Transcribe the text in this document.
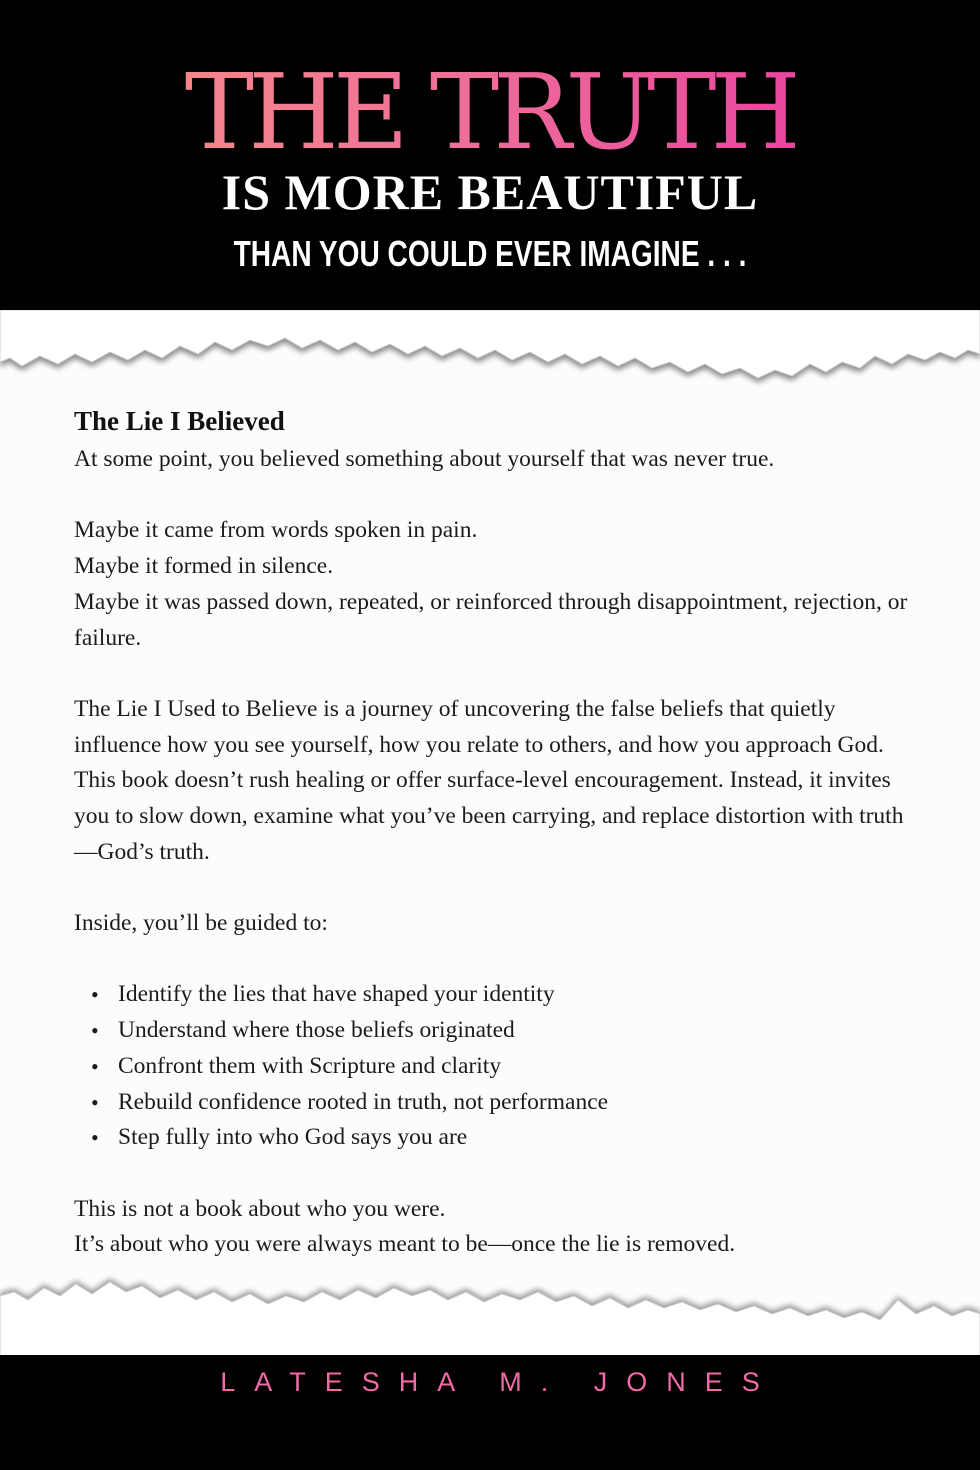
THE TRUTH
IS MORE BEAUTIFUL
THAN YOU COULD EVER IMAGINE . . .

The Lie I Believed

At some point, you believed something about yourself that was never true.

Maybe it came from words spoken in pain.
Maybe it formed in silence.
Maybe it was passed down, repeated, or reinforced through disappointment, rejection, or failure.

The Lie I Used to Believe is a journey of uncovering the false beliefs that quietly influence how you see yourself, how you relate to others, and how you approach God. This book doesn’t rush healing or offer surface-level encouragement. Instead, it invites you to slow down, examine what you’ve been carrying, and replace distortion with truth—God’s truth.

Inside, you’ll be guided to:

• Identify the lies that have shaped your identity
• Understand where those beliefs originated
• Confront them with Scripture and clarity
• Rebuild confidence rooted in truth, not performance
• Step fully into who God says you are

This is not a book about who you were.
It’s about who you were always meant to be—once the lie is removed.

LATESHA M. JONES
